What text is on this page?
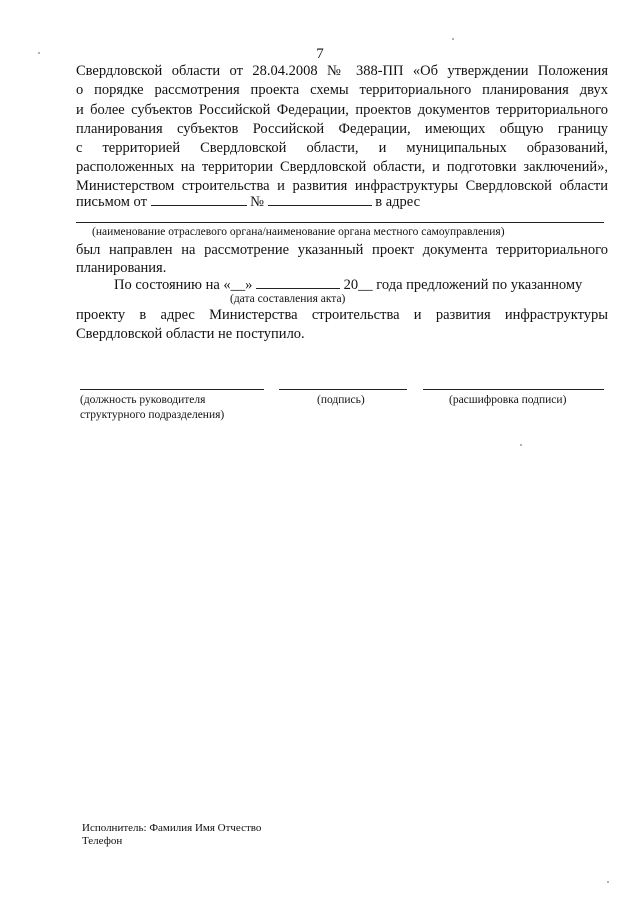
7
Свердловской области от 28.04.2008 № 388-ПП «Об утверждении Положения
о порядке рассмотрения проекта схемы территориального планирования двух
и более субъектов Российской Федерации, проектов документов территориального
планирования субъектов Российской Федерации, имеющих общую границу
с территорией Свердловской области, и муниципальных образований,
расположенных на территории Свердловской области, и подготовки заключений»,
Министерством строительства и развития инфраструктуры Свердловской области
письмом от	№	в адрес
(наименование отраслевого органа/наименование органа местного самоуправления)
был направлен на рассмотрение указанный проект документа территориального
планирования.
По состоянию на «__»	20__ года предложений по указанному
(дата составления акта)
проекту в адрес Министерства строительства и развития инфраструктуры
Свердловской области не поступило.
(должность руководителя
структурного подразделения)
(подпись)	(расшифровка подписи)
Исполнитель: Фамилия Имя Отчество
Телефон
